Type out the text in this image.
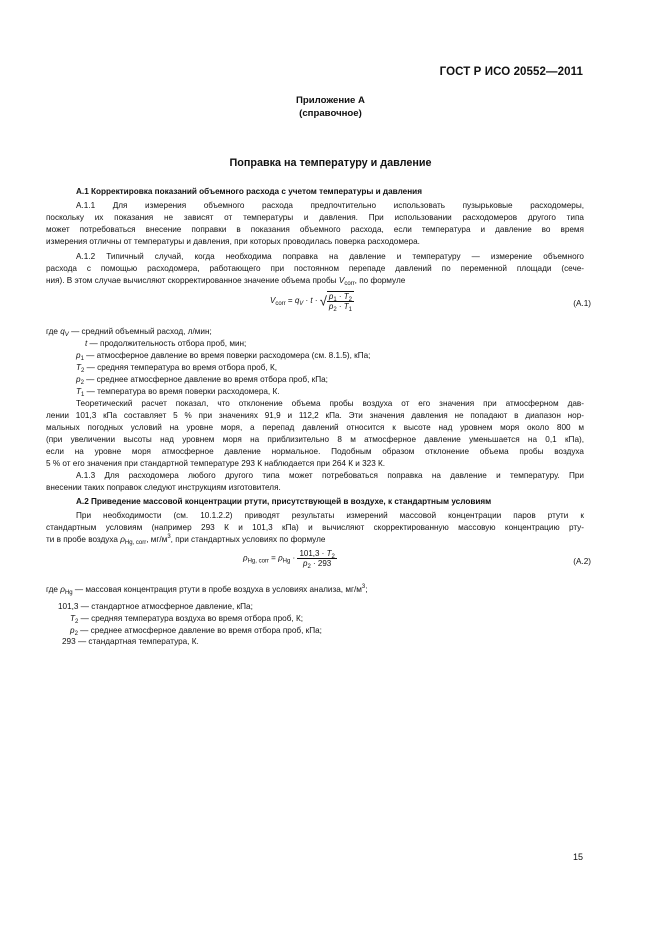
ГОСТ Р ИСО 20552—2011
Приложение А
(справочное)
Поправка на температуру и давление
А.1 Корректировка показаний объемного расхода с учетом температуры и давления
А.1.1 Для измерения объемного расхода предпочтительно использовать пузырьковые расходомеры,
поскольку их показания не зависят от температуры и давления. При использовании расходомеров другого типа
может потребоваться внесение поправки в показания объемного расхода, если температура и давление во время
измерения отличны от температуры и давления, при которых проводилась поверка расходомера.
А.1.2 Типичный случай, когда необходима поправка на давление и температуру — измерение объемного
расхода с помощью расходомера, работающего при постоянном перепаде давлений по переменной площади (сече-
ния). В этом случае вычисляют скорректированное значение объема пробы $V_{corr}$, по формуле
$V_{corr} = q_V \cdot t$ · √ $\frac{p_1 \cdot T_2}{p_2 \cdot T_1}$	(А.1)
где $q_V$ — средний объемный расход, л/мин;
t — продолжительность отбора проб, мин;
$p_1$ — атмосферное давление во время поверки расходомера (см. 8.1.5), кПа;
$T_2$ — средняя температура во время отбора проб, К,
$p_2$ — среднее атмосферное давление во время отбора проб, кПа;
$T_1$ — температура во время поверки расходомера, К.
Теоретический расчет показал, что отклонение объема пробы воздуха от его значения при атмосферном дав-
лении 101,3 кПа составляет 5 % при значениях 91,9 и 112,2 кПа. Эти значения давления не попадают в диапазон нор-
мальных погодных условий на уровне моря, а перепад давлений относится к высоте над уровнем моря около 800 м
(при увеличении высоты над уровнем моря на приблизительно 8 м атмосферное давление уменьшается на 0,1 кПа),
если на уровне моря атмосферное давление нормальное. Подобным образом отклонение объема пробы воздуха
5 % от его значения при стандартной температуре 293 К наблюдается при 264 К и 323 К.
А.1.3 Для расходомера любого другого типа может потребоваться поправка на давление и температуру. При
внесении таких поправок следуют инструкциям изготовителя.
А.2 Приведение массовой концентрации ртути, присутствующей в воздухе, к стандартным условиям
При необходимости (см. 10.1.2.2) приводят результаты измерений массовой концентрации паров ртути к
стандартным условиям (например 293 К и 101,3 кПа) и вычисляют скорректированную массовую концентрацию рту-
ти в пробе воздуха $\rho_{Hg, corr}$, $мг/м^3$, при стандартных условиях по формуле
$\rho_{Hg, corr} = \rho_{Hg} \cdot \frac{101,3 \cdot T_2}{p_2 \cdot 293}$	(А.2)
где $\rho_{Hg}$ — массовая концентрация ртути в пробе воздуха в условиях анализа, $мг/м^3$;
101,3 — стандартное атмосферное давление, кПа;
$T_2$ — средняя температура воздуха во время отбора проб, К;
$p_2$ — среднее атмосферное давление во время отбора проб, кПа;
293 — стандартная температура, К.
15
